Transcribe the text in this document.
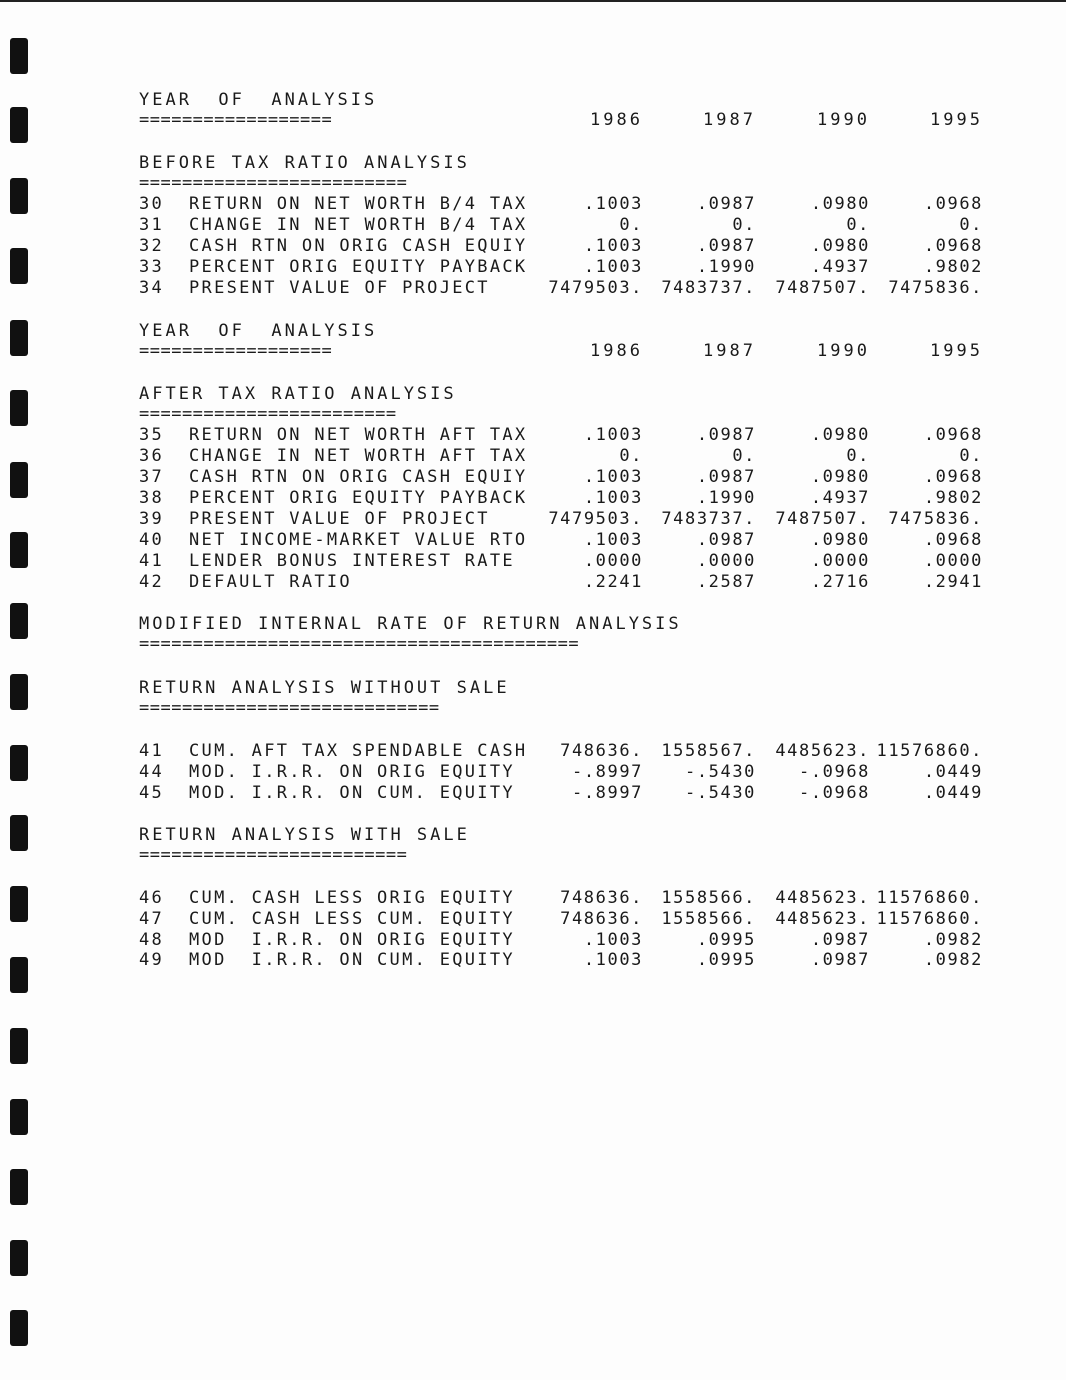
YEAR  OF  ANALYSIS
==================	1986	1987	1990	1995
BEFORE TAX RATIO ANALYSIS
=========================
30 RETURN ON NET WORTH B/4 TAX	.1003	.0987	.0980	.0968
31 CHANGE IN NET WORTH B/4 TAX	0.	0.	0.	0.
32 CASH RTN ON ORIG CASH EQUIY	.1003	.0987	.0980	.0968
33 PERCENT ORIG EQUITY PAYBACK	.1003	.1990	.4937	.9802
34 PRESENT VALUE OF PROJECT	7479503.	7483737.	7487507.	7475836.
YEAR  OF  ANALYSIS
==================	1986	1987	1990	1995
AFTER TAX RATIO ANALYSIS
========================
35 RETURN ON NET WORTH AFT TAX	.1003	.0987	.0980	.0968
36 CHANGE IN NET WORTH AFT TAX	0.	0.	0.	0.
37 CASH RTN ON ORIG CASH EQUIY	.1003	.0987	.0980	.0968
38 PERCENT ORIG EQUITY PAYBACK	.1003	.1990	.4937	.9802
39 PRESENT VALUE OF PROJECT	7479503.	7483737.	7487507.	7475836.
40 NET INCOME-MARKET VALUE RTO	.1003	.0987	.0980	.0968
41 LENDER BONUS INTEREST RATE	.0000	.0000	.0000	.0000
42 DEFAULT RATIO	.2241	.2587	.2716	.2941
MODIFIED INTERNAL RATE OF RETURN ANALYSIS
=========================================
RETURN ANALYSIS WITHOUT SALE
============================
41 CUM. AFT TAX SPENDABLE CASH	748636.	1558567.	4485623. 11576860.
44 MOD. I.R.R. ON ORIG EQUITY	-.8997	-.5430	-.0968	.0449
45 MOD. I.R.R. ON CUM. EQUITY	-.8997	-.5430	-.0968	.0449
RETURN ANALYSIS WITH SALE
=========================
46 CUM. CASH LESS ORIG EQUITY	748636.	1558566.	4485623. 11576860.
47 CUM. CASH LESS CUM. EQUITY	748636.	1558566.	4485623. 11576860.
48 MOD  I.R.R. ON ORIG EQUITY	.1003	.0995	.0987	.0982
49 MOD  I.R.R. ON CUM. EQUITY	.1003	.0995	.0987	.0982
